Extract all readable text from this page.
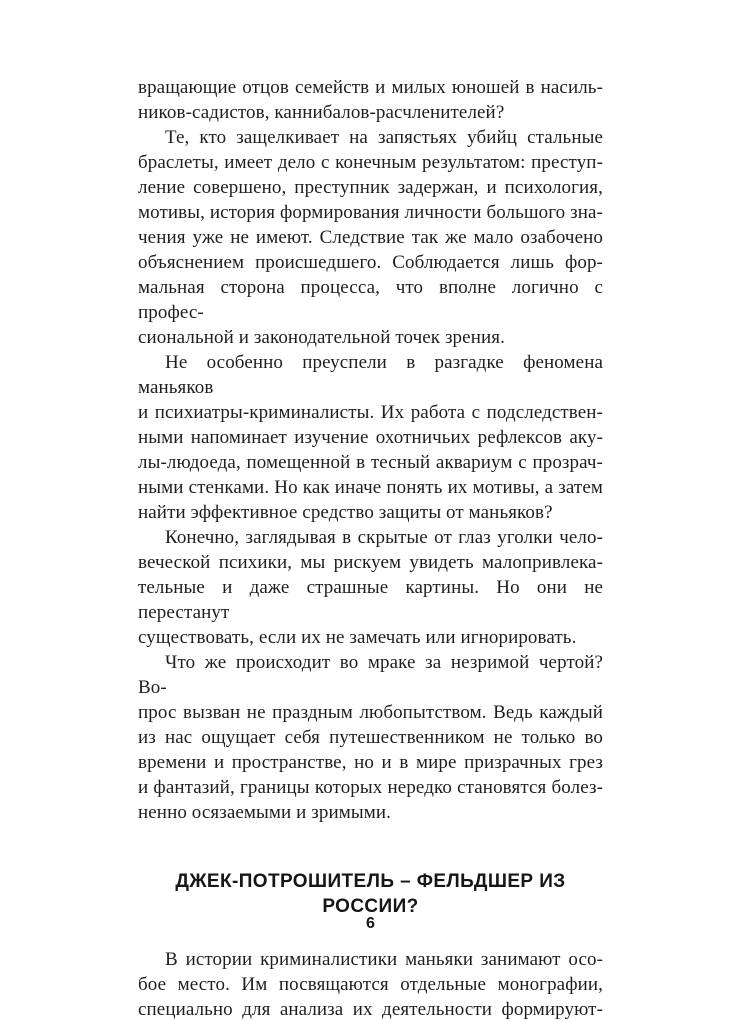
вращающие отцов семейств и милых юношей в насиль-
ников-садистов, каннибалов-расчленителей?
Те, кто защелкивает на запястьях убийц стальные
браслеты, имеет дело с конечным результатом: преступ-
ление совершено, преступник задержан, и психология,
мотивы, история формирования личности большого зна-
чения уже не имеют. Следствие так же мало озабочено
объяснением происшедшего. Соблюдается лишь фор-
мальная сторона процесса, что вполне логично с профес-
сиональной и законодательной точек зрения.
Не особенно преуспели в разгадке феномена маньяков
и психиатры-криминалисты. Их работа с подследствен-
ными напоминает изучение охотничьих рефлексов аку-
лы-людоеда, помещенной в тесный аквариум с прозрач-
ными стенками. Но как иначе понять их мотивы, а затем
найти эффективное средство защиты от маньяков?
Конечно, заглядывая в скрытые от глаз уголки чело-
веческой психики, мы рискуем увидеть малопривлека-
тельные и даже страшные картины. Но они не перестанут
существовать, если их не замечать или игнорировать.
Что же происходит во мраке за незримой чертой? Во-
прос вызван не праздным любопытством. Ведь каждый
из нас ощущает себя путешественником не только во
времени и пространстве, но и в мире призрачных грез
и фантазий, границы которых нередко становятся болез-
ненно осязаемыми и зримыми.
ДЖЕК-ПОТРОШИТЕЛЬ – ФЕЛЬДШЕР ИЗ РОССИИ?
В истории криминалистики маньяки занимают осо-
бое место. Им посвящаются отдельные монографии,
специально для анализа их деятельности формируют-
6
